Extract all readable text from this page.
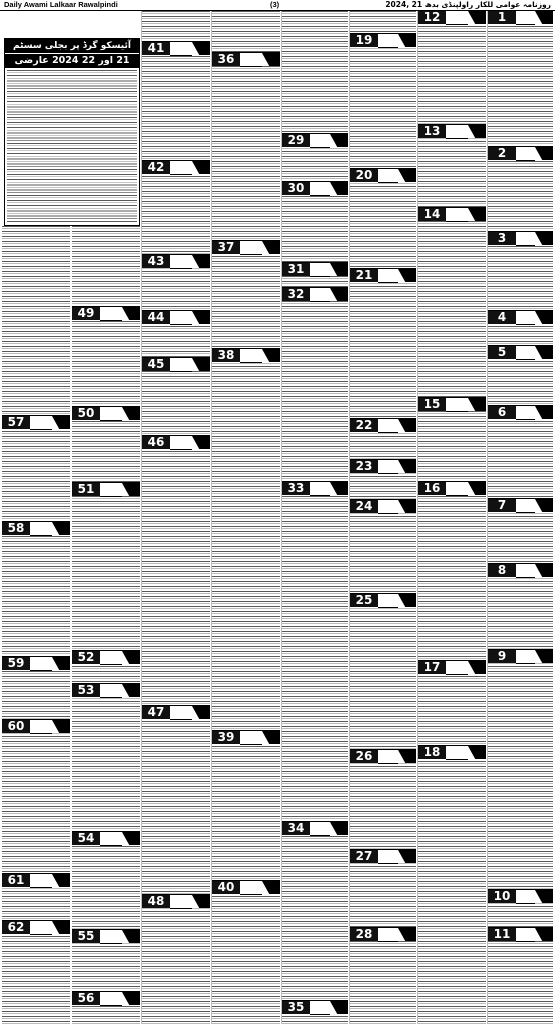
Daily Awami Lalkaar Rawalpindi	(3)	روزنامہ عوامی للکار راولپنڈی بدھ 21 ,2024
آئیسکو گرڈ پر بجلی سسٹم
21 اور 22 2024 عارضی
1
2
3
4
5
6
7
8
9
10
11
12
13
14
15
16
17
18
19
20
21
22
23
24
25
26
27
28
29
30
31
32
33
34
35
36
37
38
39
40
41
42
43
44
45
46
47
48
49
50
51
52
53
54
55
56
57
58
59
60
61
62
